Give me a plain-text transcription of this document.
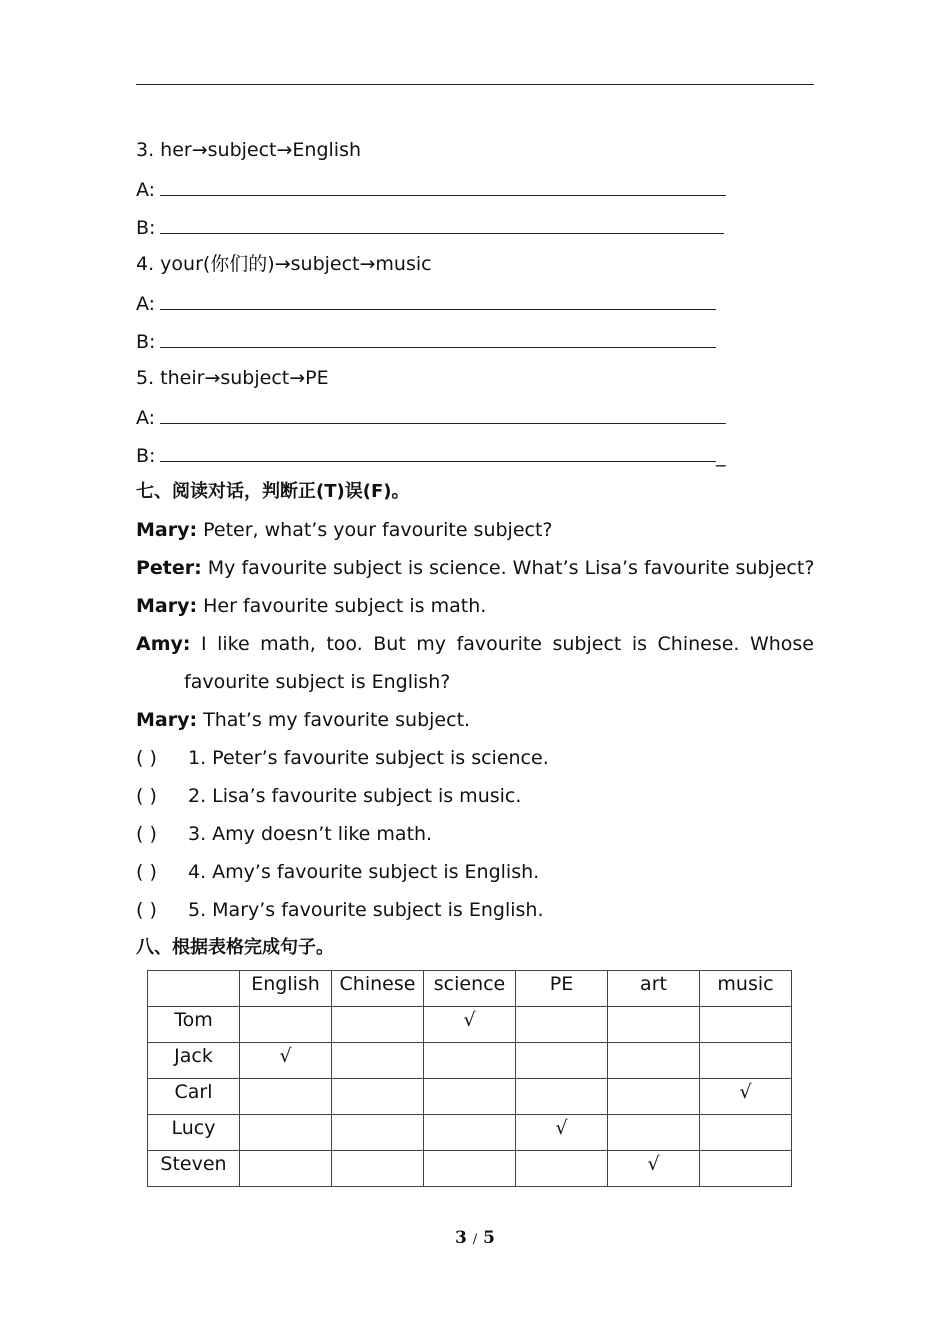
3. her→subject→English
A:
B:
4. your(你们的)→subject→music
A:
B:
5. their→subject→PE
A:
B:	_
七、阅读对话，判断正(T)误(F)。
Mary: Peter, what’s your favourite subject?
Peter: My favourite subject is science. What’s Lisa’s favourite subject?
Mary: Her favourite subject is math.
Amy: I like math, too. But my favourite subject is Chinese. Whose
favourite subject is English?
Mary: That’s my favourite subject.
( ) 1. Peter’s favourite subject is science.
( ) 2. Lisa’s favourite subject is music.
( ) 3. Amy doesn’t like math.
( ) 4. Amy’s favourite subject is English.
( ) 5. Mary’s favourite subject is English.
八、根据表格完成句子。
	English	Chinese	science	PE	art	music
Tom			√			
Jack	√					
Carl						√
Lucy				√		
Steven					√	
3 / 5
